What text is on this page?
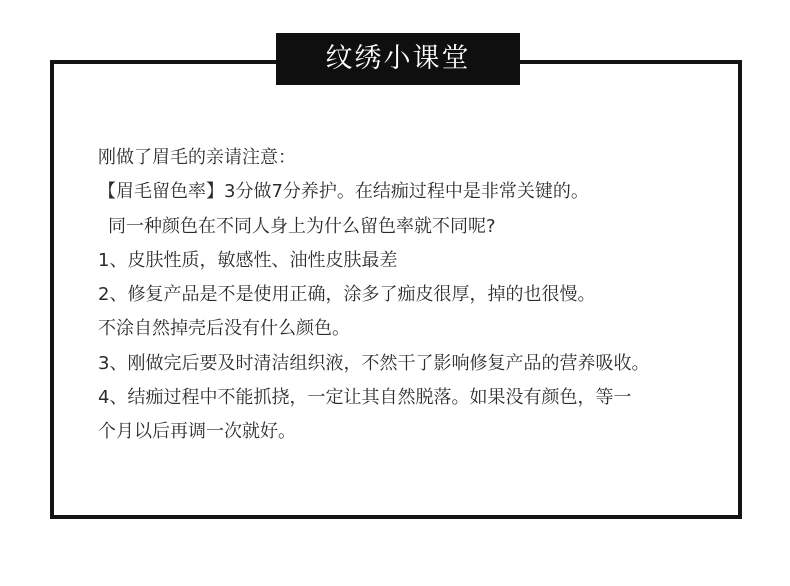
纹绣小课堂
刚做了眉毛的亲请注意：
【眉毛留色率】3分做7分养护。在结痂过程中是非常关键的。
同一种颜色在不同人身上为什么留色率就不同呢?
1、皮肤性质，敏感性、油性皮肤最差
2、修复产品是不是使用正确，涂多了痂皮很厚，掉的也很慢。
不涂自然掉壳后没有什么颜色。
3、刚做完后要及时清洁组织液，不然干了影响修复产品的营养吸收。
4、结痂过程中不能抓挠，一定让其自然脱落。如果没有颜色，等一
个月以后再调一次就好。
